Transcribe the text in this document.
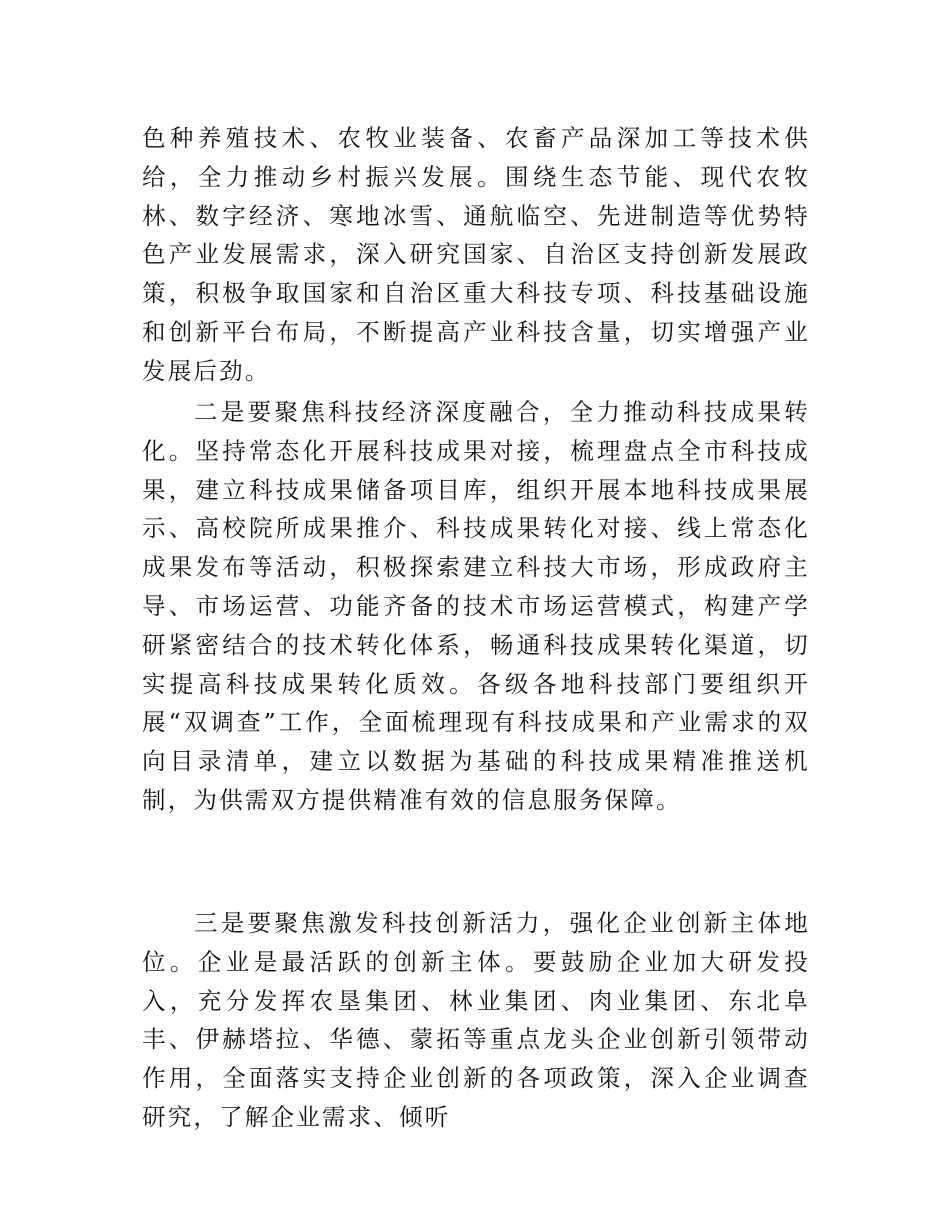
色种养殖技术、农牧业装备、农畜产品深加工等技术供给，全力推动乡村振兴发展。围绕生态节能、现代农牧林、数字经济、寒地冰雪、通航临空、先进制造等优势特色产业发展需求，深入研究国家、自治区支持创新发展政策，积极争取国家和自治区重大科技专项、科技基础设施和创新平台布局，不断提高产业科技含量，切实增强产业发展后劲。

二是要聚焦科技经济深度融合，全力推动科技成果转化。坚持常态化开展科技成果对接，梳理盘点全市科技成果，建立科技成果储备项目库，组织开展本地科技成果展示、高校院所成果推介、科技成果转化对接、线上常态化成果发布等活动，积极探索建立科技大市场，形成政府主导、市场运营、功能齐备的技术市场运营模式，构建产学研紧密结合的技术转化体系，畅通科技成果转化渠道，切实提高科技成果转化质效。各级各地科技部门要组织开展“双调查”工作，全面梳理现有科技成果和产业需求的双向目录清单，建立以数据为基础的科技成果精准推送机制，为供需双方提供精准有效的信息服务保障。

三是要聚焦激发科技创新活力，强化企业创新主体地位。企业是最活跃的创新主体。要鼓励企业加大研发投入，充分发挥农垦集团、林业集团、肉业集团、东北阜丰、伊赫塔拉、华德、蒙拓等重点龙头企业创新引领带动作用，全面落实支持企业创新的各项政策，深入企业调查研究，了解企业需求、倾听
